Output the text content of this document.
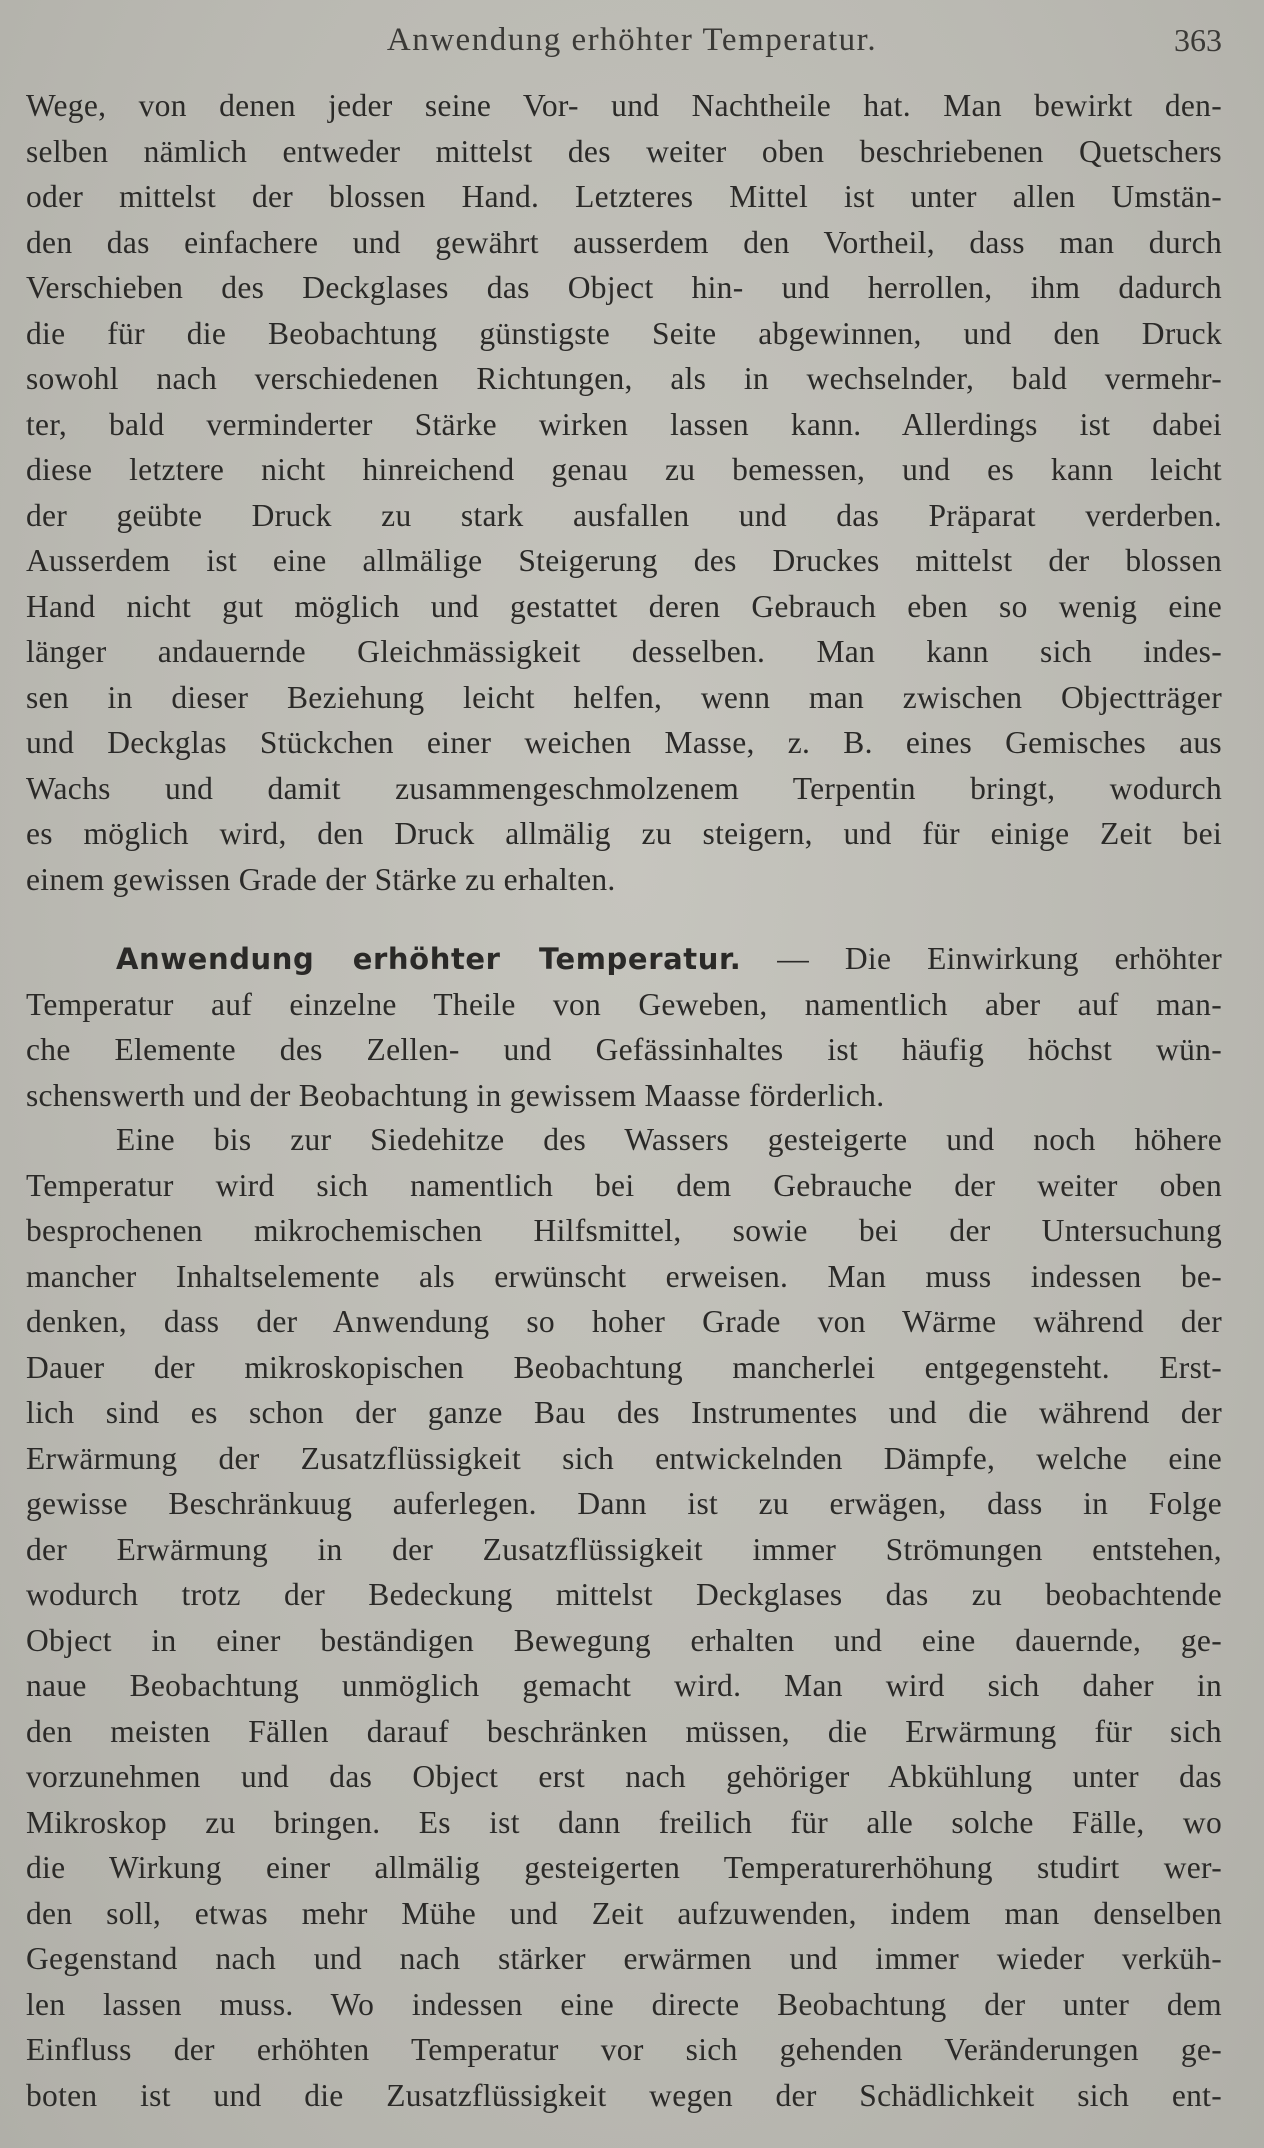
Anwendung erhöhter Temperatur.	363
Wege, von denen jeder seine Vor- und Nachtheile hat. Man bewirkt den-
selben nämlich entweder mittelst des weiter oben beschriebenen Quetschers
oder mittelst der blossen Hand. Letzteres Mittel ist unter allen Umstän-
den das einfachere und gewährt ausserdem den Vortheil, dass man durch
Verschieben des Deckglases das Object hin- und herrollen, ihm dadurch
die für die Beobachtung günstigste Seite abgewinnen, und den Druck
sowohl nach verschiedenen Richtungen, als in wechselnder, bald vermehr-
ter, bald verminderter Stärke wirken lassen kann. Allerdings ist dabei
diese letztere nicht hinreichend genau zu bemessen, und es kann leicht
der geübte Druck zu stark ausfallen und das Präparat verderben.
Ausserdem ist eine allmälige Steigerung des Druckes mittelst der blossen
Hand nicht gut möglich und gestattet deren Gebrauch eben so wenig eine
länger andauernde Gleichmässigkeit desselben. Man kann sich indes-
sen in dieser Beziehung leicht helfen, wenn man zwischen Objectträger
und Deckglas Stückchen einer weichen Masse, z. B. eines Gemisches aus
Wachs und damit zusammengeschmolzenem Terpentin bringt, wodurch
es möglich wird, den Druck allmälig zu steigern, und für einige Zeit bei
einem gewissen Grade der Stärke zu erhalten.
Anwendung erhöhter Temperatur. — Die Einwirkung erhöhter
Temperatur auf einzelne Theile von Geweben, namentlich aber auf man-
che Elemente des Zellen- und Gefässinhaltes ist häufig höchst wün-
schenswerth und der Beobachtung in gewissem Maasse förderlich.
Eine bis zur Siedehitze des Wassers gesteigerte und noch höhere
Temperatur wird sich namentlich bei dem Gebrauche der weiter oben
besprochenen mikrochemischen Hilfsmittel, sowie bei der Untersuchung
mancher Inhaltselemente als erwünscht erweisen. Man muss indessen be-
denken, dass der Anwendung so hoher Grade von Wärme während der
Dauer der mikroskopischen Beobachtung mancherlei entgegensteht. Erst-
lich sind es schon der ganze Bau des Instrumentes und die während der
Erwärmung der Zusatzflüssigkeit sich entwickelnden Dämpfe, welche eine
gewisse Beschränkuug auferlegen. Dann ist zu erwägen, dass in Folge
der Erwärmung in der Zusatzflüssigkeit immer Strömungen entstehen,
wodurch trotz der Bedeckung mittelst Deckglases das zu beobachtende
Object in einer beständigen Bewegung erhalten und eine dauernde, ge-
naue Beobachtung unmöglich gemacht wird. Man wird sich daher in
den meisten Fällen darauf beschränken müssen, die Erwärmung für sich
vorzunehmen und das Object erst nach gehöriger Abkühlung unter das
Mikroskop zu bringen. Es ist dann freilich für alle solche Fälle, wo
die Wirkung einer allmälig gesteigerten Temperaturerhöhung studirt wer-
den soll, etwas mehr Mühe und Zeit aufzuwenden, indem man denselben
Gegenstand nach und nach stärker erwärmen und immer wieder verküh-
len lassen muss. Wo indessen eine directe Beobachtung der unter dem
Einfluss der erhöhten Temperatur vor sich gehenden Veränderungen ge-
boten ist und die Zusatzflüssigkeit wegen der Schädlichkeit sich ent-
